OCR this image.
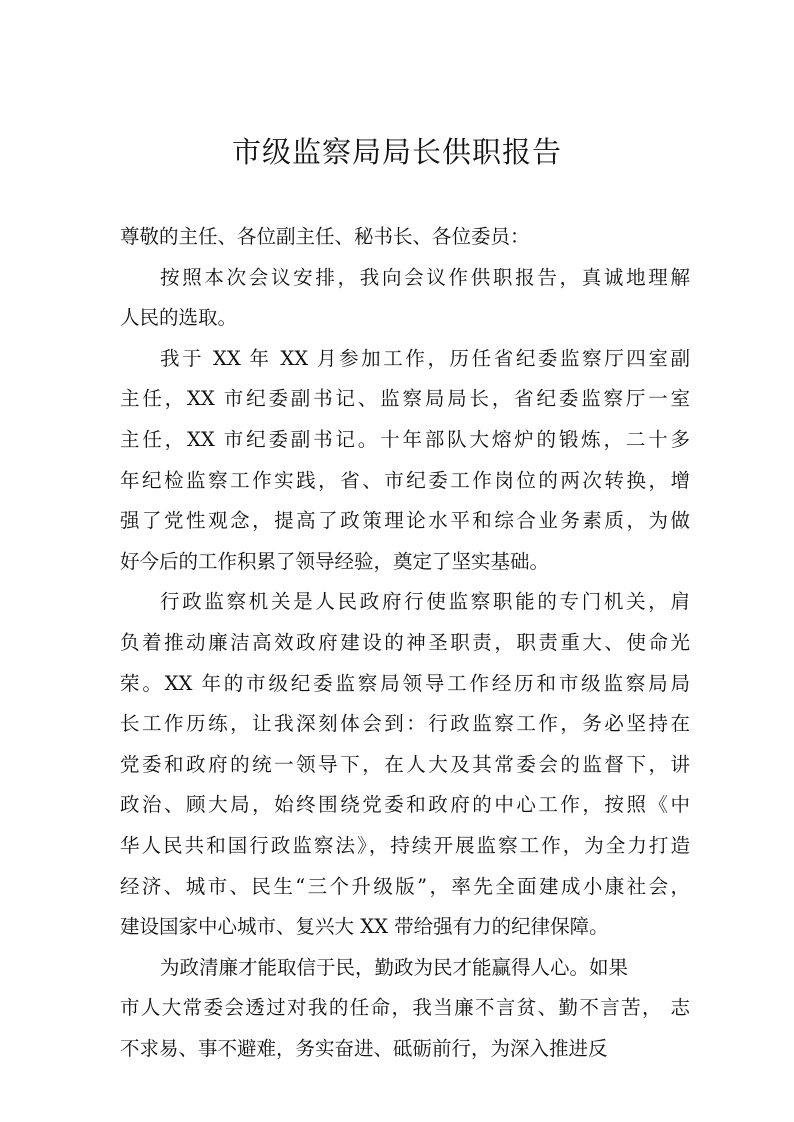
市级监察局局长供职报告
尊敬的主任、各位副主任、秘书长、各位委员：
按照本次会议安排，我向会议作供职报告，真诚地理解
人民的选取。
我于 XX 年 XX 月参加工作，历任省纪委监察厅四室副
主任，XX 市纪委副书记、监察局局长，省纪委监察厅一室
主任，XX 市纪委副书记。十年部队大熔炉的锻炼，二十多
年纪检监察工作实践，省、市纪委工作岗位的两次转换，增
强了党性观念，提高了政策理论水平和综合业务素质，为做
好今后的工作积累了领导经验，奠定了坚实基础。
行政监察机关是人民政府行使监察职能的专门机关，肩
负着推动廉洁高效政府建设的神圣职责，职责重大、使命光
荣。XX 年的市级纪委监察局领导工作经历和市级监察局局
长工作历练，让我深刻体会到：行政监察工作，务必坚持在
党委和政府的统一领导下，在人大及其常委会的监督下，讲
政治、顾大局，始终围绕党委和政府的中心工作，按照《中
华人民共和国行政监察法》，持续开展监察工作，为全力打造
经济、城市、民生“三个升级版”，率先全面建成小康社会，
建设国家中心城市、复兴大 XX 带给强有力的纪律保障。
为政清廉才能取信于民，勤政为民才能赢得人心。如果
市人大常委会透过对我的任命，我当廉不言贫、勤不言苦， 志
不求易、事不避难，务实奋进、砥砺前行，为深入推进反
